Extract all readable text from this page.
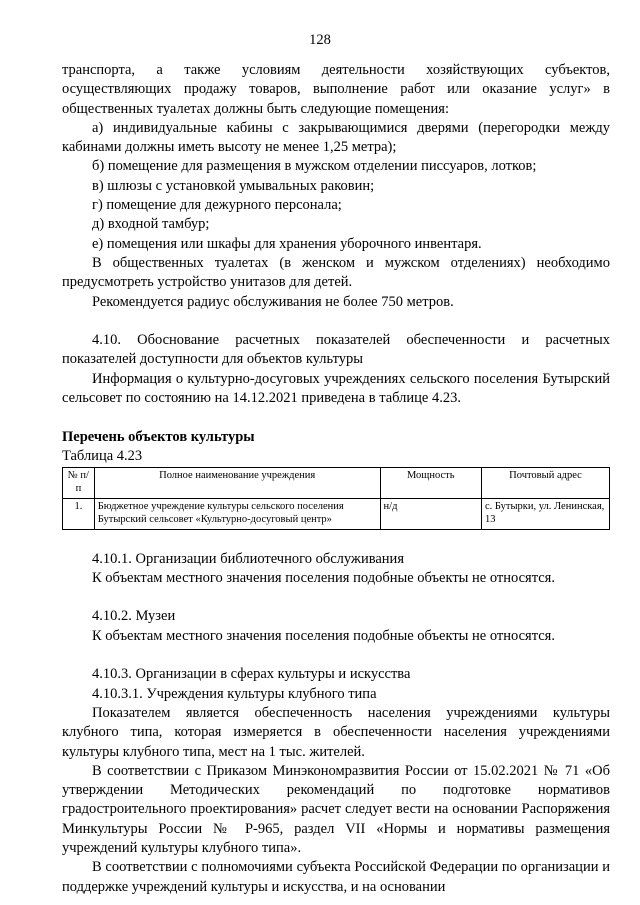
128

транспорта, а также условиям деятельности хозяйствующих субъектов, осуществляющих продажу товаров, выполнение работ или оказание услуг» в общественных туалетах должны быть следующие помещения:

а) индивидуальные кабины с закрывающимися дверями (перегородки между кабинами должны иметь высоту не менее 1,25 метра);

б) помещение для размещения в мужском отделении писсуаров, лотков;

в) шлюзы с установкой умывальных раковин;

г) помещение для дежурного персонала;

д) входной тамбур;

е) помещения или шкафы для хранения уборочного инвентаря.

В общественных туалетах (в женском и мужском отделениях) необходимо предусмотреть устройство унитазов для детей.

Рекомендуется радиус обслуживания не более 750 метров.

4.10. Обоснование расчетных показателей обеспеченности и расчетных показателей доступности для объектов культуры

Информация о культурно-досуговых учреждениях сельского поселения Бутырский сельсовет по состоянию на 14.12.2021 приведена в таблице 4.23.

Перечень объектов культуры

Таблица 4.23

№ п/п	Полное наименование учреждения	Мощность	Почтовый адрес
1.	Бюджетное учреждение культуры сельского поселения Бутырский сельсовет «Культурно-досуговый центр»	н/д	с. Бутырки, ул. Ленинская, 13

4.10.1. Организации библиотечного обслуживания

К объектам местного значения поселения подобные объекты не относятся.

4.10.2. Музеи

К объектам местного значения поселения подобные объекты не относятся.

4.10.3. Организации в сферах культуры и искусства

4.10.3.1. Учреждения культуры клубного типа

Показателем является обеспеченность населения учреждениями культуры клубного типа, которая измеряется в обеспеченности населения учреждениями культуры клубного типа, мест на 1 тыс. жителей.

В соответствии с Приказом Минэкономразвития России от 15.02.2021 № 71 «Об утверждении Методических рекомендаций по подготовке нормативов градостроительного проектирования» расчет следует вести на основании Распоряжения Минкультуры России № Р-965, раздел VII «Нормы и нормативы размещения учреждений культуры клубного типа».

В соответствии с полномочиями субъекта Российской Федерации по организации и поддержке учреждений культуры и искусства, и на основании
